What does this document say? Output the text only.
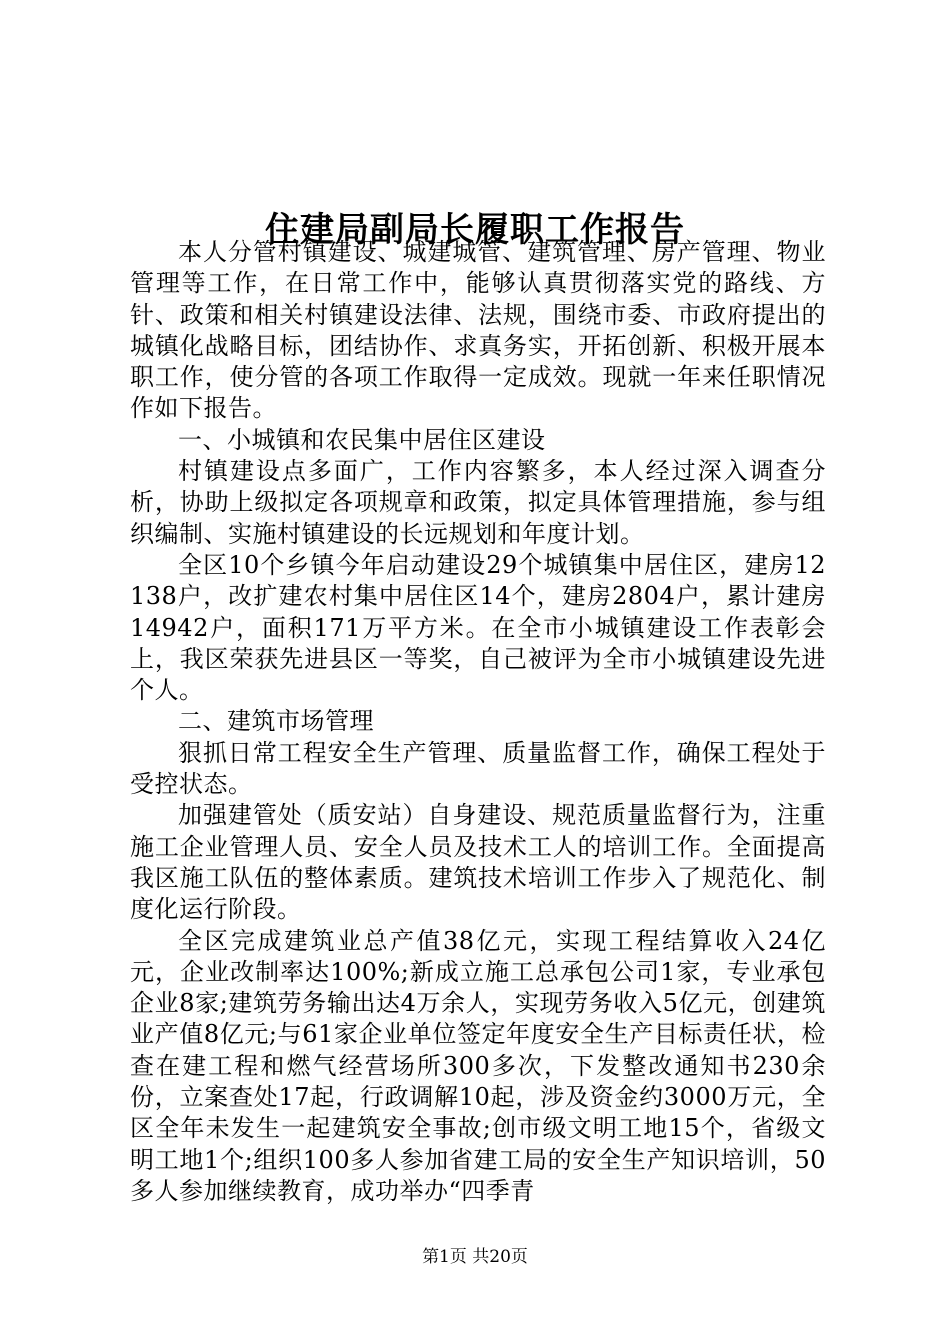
住建局副局长履职工作报告

本人分管村镇建设、城建城管、建筑管理、房产管理、物业管理等工作，在日常工作中，能够认真贯彻落实党的路线、方针、政策和相关村镇建设法律、法规，围绕市委、市政府提出的城镇化战略目标，团结协作、求真务实，开拓创新、积极开展本职工作，使分管的各项工作取得一定成效。现就一年来任职情况作如下报告。

一、小城镇和农民集中居住区建设

村镇建设点多面广，工作内容繁多，本人经过深入调查分析，协助上级拟定各项规章和政策，拟定具体管理措施，参与组织编制、实施村镇建设的长远规划和年度计划。

全区10个乡镇今年启动建设29个城镇集中居住区，建房12138户，改扩建农村集中居住区14个，建房2804户，累计建房14942户，面积171万平方米。在全市小城镇建设工作表彰会上，我区荣获先进县区一等奖，自己被评为全市小城镇建设先进个人。

二、建筑市场管理

狠抓日常工程安全生产管理、质量监督工作，确保工程处于受控状态。

加强建管处（质安站）自身建设、规范质量监督行为，注重施工企业管理人员、安全人员及技术工人的培训工作。全面提高我区施工队伍的整体素质。建筑技术培训工作步入了规范化、制度化运行阶段。

全区完成建筑业总产值38亿元，实现工程结算收入24亿元，企业改制率达100%;新成立施工总承包公司1家，专业承包企业8家;建筑劳务输出达4万余人，实现劳务收入5亿元，创建筑业产值8亿元;与61家企业单位签定年度安全生产目标责任状，检查在建工程和燃气经营场所300多次，下发整改通知书230余份，立案查处17起，行政调解10起，涉及资金约3000万元，全区全年未发生一起建筑安全事故;创市级文明工地15个，省级文明工地1个;组织100多人参加省建工局的安全生产知识培训，50多人参加继续教育，成功举办“四季青

第1页 共20页
